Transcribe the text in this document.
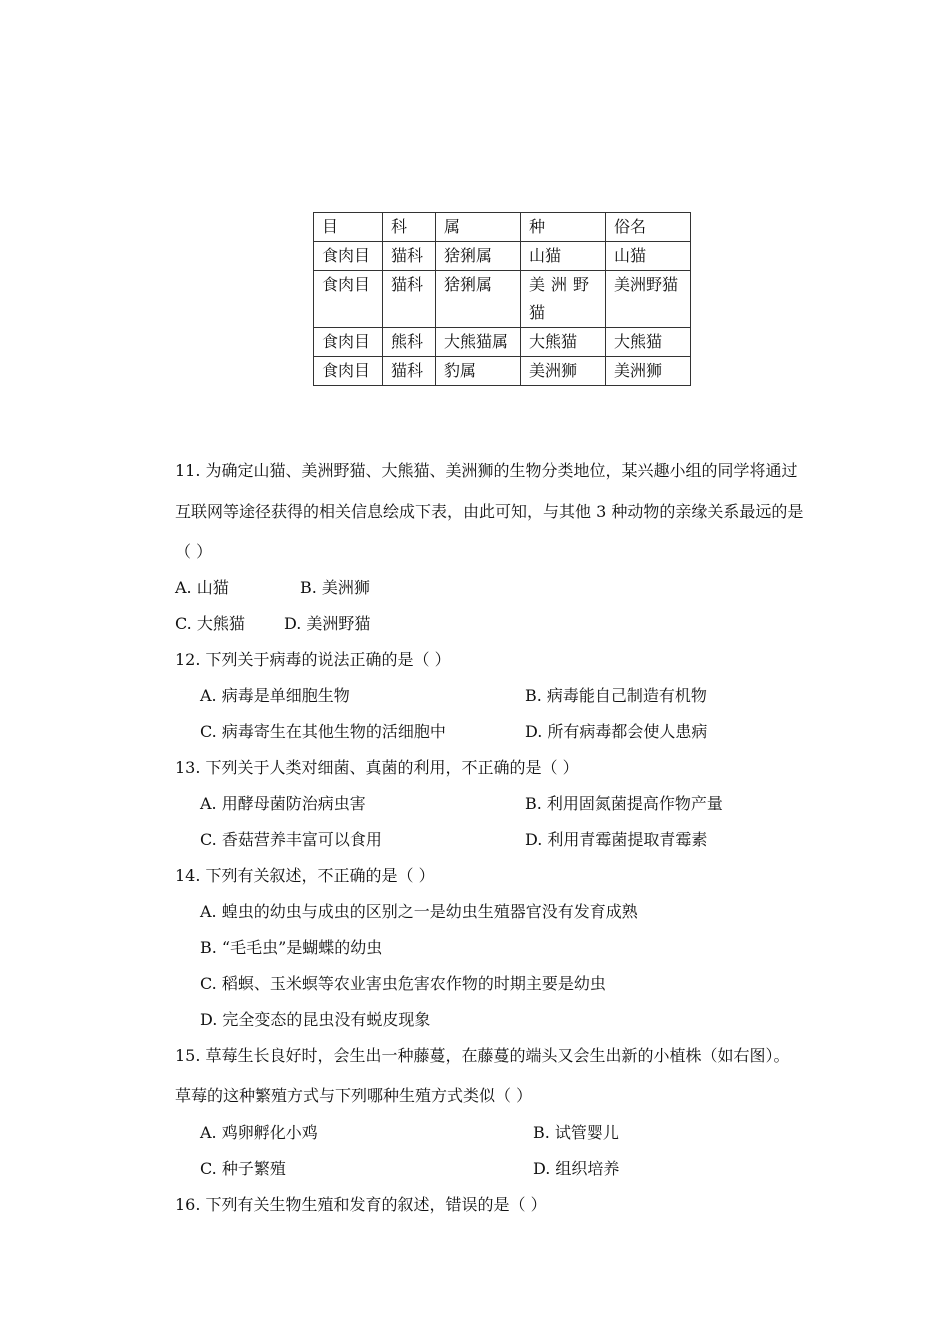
目	科	属	种	俗名
食肉目	猫科	猞猁属	山猫	山猫
食肉目	猫科	猞猁属	美洲野猫	美洲野猫
食肉目	熊科	大熊猫属	大熊猫	大熊猫
食肉目	猫科	豹属	美洲狮	美洲狮
11. 为确定山猫、美洲野猫、大熊猫、美洲狮的生物分类地位，某兴趣小组的同学将通过
互联网等途径获得的相关信息绘成下表，由此可知，与其他 3 种动物的亲缘关系最远的是
（ ）
A. 山猫	B. 美洲狮
C. 大熊猫 D. 美洲野猫
12. 下列关于病毒的说法正确的是（ ）
A. 病毒是单细胞生物	B. 病毒能自己制造有机物
C. 病毒寄生在其他生物的活细胞中	D. 所有病毒都会使人患病
13. 下列关于人类对细菌、真菌的利用，不正确的是（ ）
A. 用酵母菌防治病虫害	B. 利用固氮菌提高作物产量
C. 香菇营养丰富可以食用	D. 利用青霉菌提取青霉素
14. 下列有关叙述，不正确的是（ ）
A. 蝗虫的幼虫与成虫的区别之一是幼虫生殖器官没有发育成熟
B. “毛毛虫”是蝴蝶的幼虫
C. 稻螟、玉米螟等农业害虫危害农作物的时期主要是幼虫
D. 完全变态的昆虫没有蜕皮现象
15. 草莓生长良好时，会生出一种藤蔓，在藤蔓的端头又会生出新的小植株（如右图）。
草莓的这种繁殖方式与下列哪种生殖方式类似（ ）
A. 鸡卵孵化小鸡	B. 试管婴儿
C. 种子繁殖	D. 组织培养
16. 下列有关生物生殖和发育的叙述，错误的是（ ）
